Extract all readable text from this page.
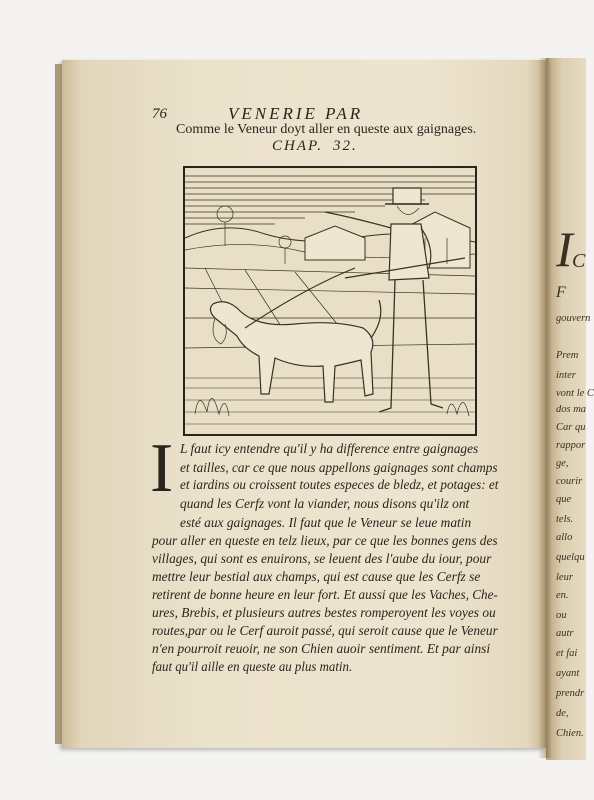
76	VENERIE PAR
Comme le Veneur doyt aller en queste aux gaignages.
CHAP. 32.
I L faut icy entendre qu'il y ha difference entre gaignages
et tailles, car ce que nous appellons gaignages sont champs
et iardins ou croissent toutes especes de bledz, et potages: et
quand les Cerfz vont la viander, nous disons qu'ilz ont
esté aux gaignages. Il faut que le Veneur se leue matin
pour aller en queste en telz lieux, par ce que les bonnes gens des
villages, qui sont es enuirons, se leuent des l'aube du iour, pour
mettre leur bestial aux champs, qui est cause que les Cerfz se
retirent de bonne heure en leur fort. Et aussi que les Vaches, Che-
ures, Brebis, et plusieurs autres bestes romperoyent les voyes ou
routes,par ou le Cerf auroit passé, qui seroit cause que le Veneur
n'en pourroit reuoir, ne son Chien auoir sentiment. Et par ainsi
faut qu'il aille en queste au plus matin.
I C
F
gouvern
Prem
inter
vont le C
dos ma
Car qu
rappor
ge,
courir
que
tels.
allo
quelqu
leur
en.
ou
autr
et fai
ayant
prendr
de,
Chien.
